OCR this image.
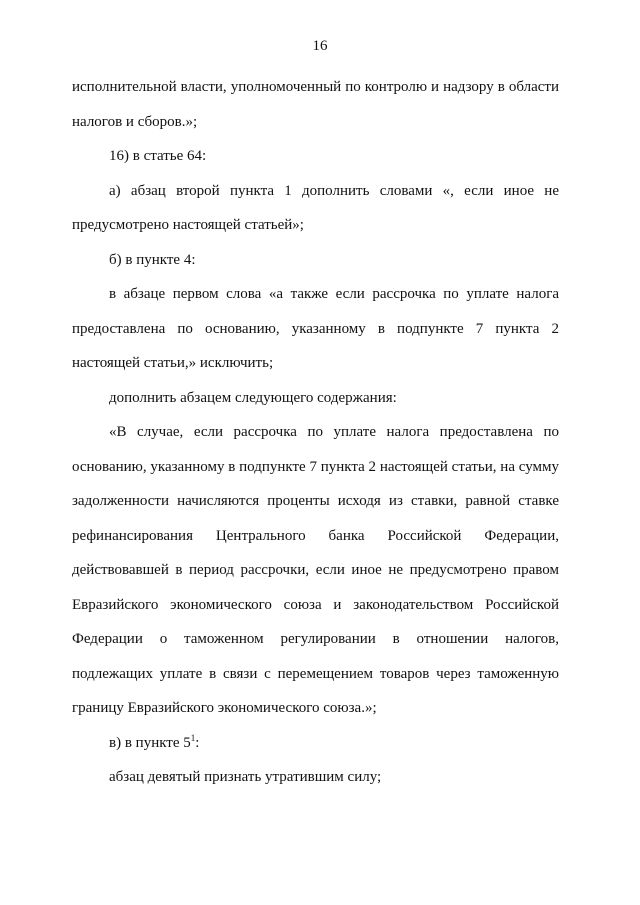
16

исполнительной власти, уполномоченный по контролю и надзору в области налогов и сборов.»;

16) в статье 64:

а) абзац второй пункта 1 дополнить словами «, если иное не предусмотрено настоящей статьей»;

б) в пункте 4:

в абзаце первом слова «а также если рассрочка по уплате налога предоставлена по основанию, указанному в подпункте 7 пункта 2 настоящей статьи,» исключить;

дополнить абзацем следующего содержания:

«В случае, если рассрочка по уплате налога предоставлена по основанию, указанному в подпункте 7 пункта 2 настоящей статьи, на сумму задолженности начисляются проценты исходя из ставки, равной ставке рефинансирования Центрального банка Российской Федерации, действовавшей в период рассрочки, если иное не предусмотрено правом Евразийского экономического союза и законодательством Российской Федерации о таможенном регулировании в отношении налогов, подлежащих уплате в связи с перемещением товаров через таможенную границу Евразийского экономического союза.»;

в) в пункте $5^1$:

абзац девятый признать утратившим силу;
